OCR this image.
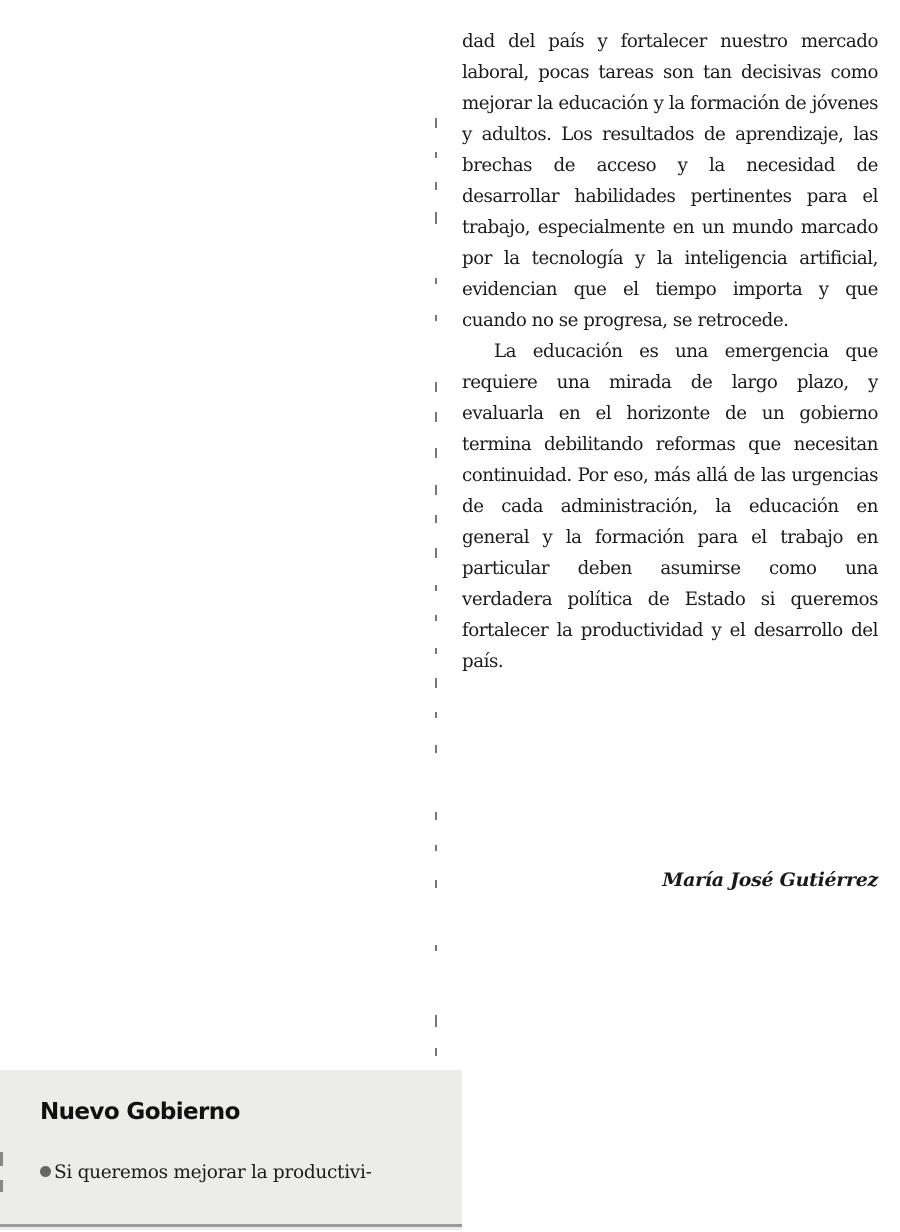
dad del país y fortalecer nuestro mercado laboral, pocas tareas son tan decisivas como mejorar la educación y la formación de jóvenes y adultos. Los resultados de aprendizaje, las brechas de acceso y la necesidad de desarrollar habilidades pertinentes para el trabajo, especialmente en un mundo marcado por la tecnología y la inteligencia artificial, evidencian que el tiempo importa y que cuando no se progresa, se retrocede.

La educación es una emergencia que requiere una mirada de largo plazo, y evaluarla en el horizonte de un gobierno termina debilitando reformas que necesitan continuidad. Por eso, más allá de las urgencias de cada administración, la educación en general y la formación para el trabajo en particular deben asumirse como una verdadera política de Estado si queremos fortalecer la productividad y el desarrollo del país.

María José Gutiérrez
Nuevo Gobierno
Si queremos mejorar la productivi-
